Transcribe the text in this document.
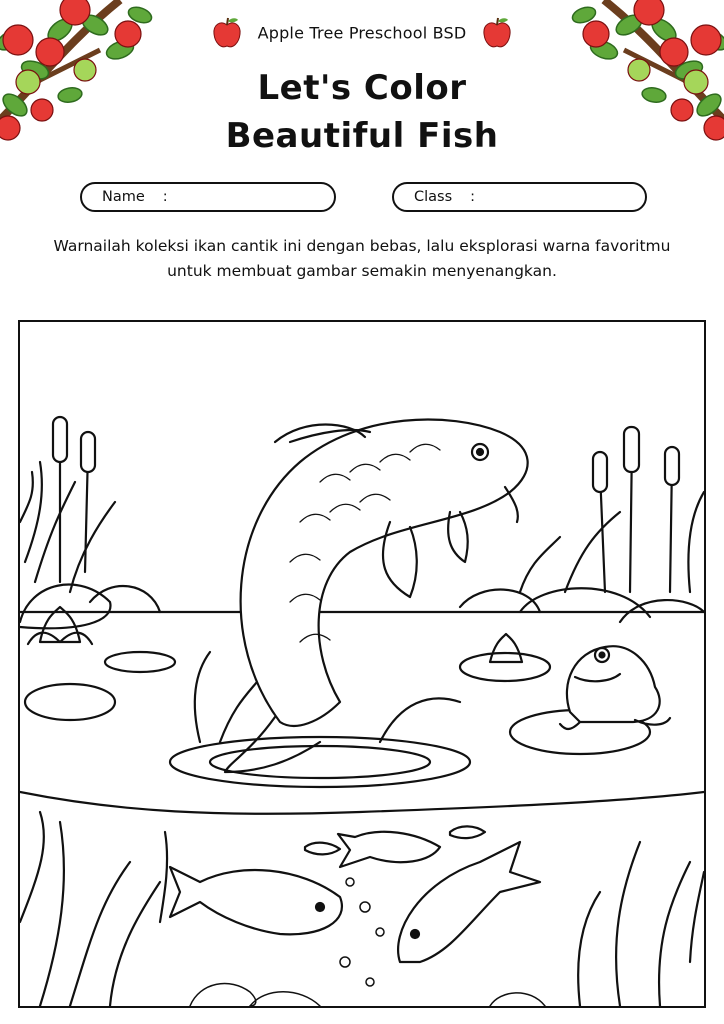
Apple Tree Preschool BSD
Let's Color
Beautiful Fish
Name :	Class :
Warnailah koleksi ikan cantik ini dengan bebas, lalu eksplorasi warna favoritmu untuk membuat gambar semakin menyenangkan.
